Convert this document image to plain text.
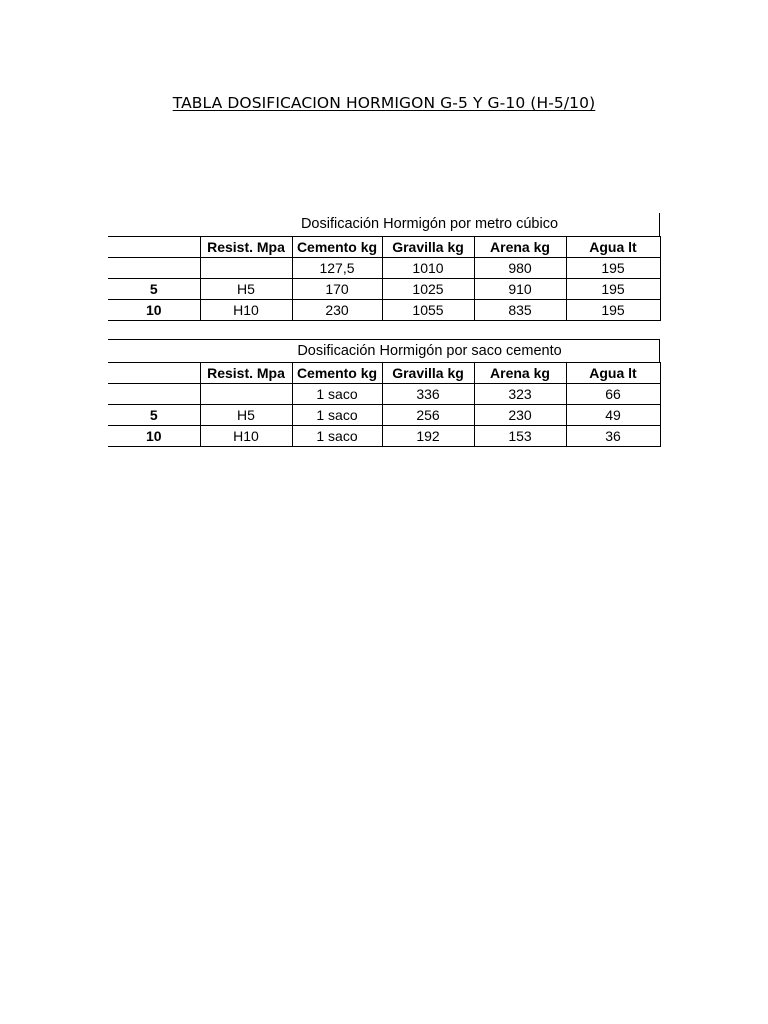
TABLA DOSIFICACION HORMIGON G-5 Y G-10 (H-5/10)
Dosificación Hormigón por metro cúbico
	Resist. Mpa	Cemento kg	Gravilla kg	Arena kg	Agua lt
		127,5	1010	980	195
5	H5	170	1025	910	195
10	H10	230	1055	835	195
Dosificación Hormigón por saco cemento
	Resist. Mpa	Cemento kg	Gravilla kg	Arena kg	Agua lt
		1 saco	336	323	66
5	H5	1 saco	256	230	49
10	H10	1 saco	192	153	36
